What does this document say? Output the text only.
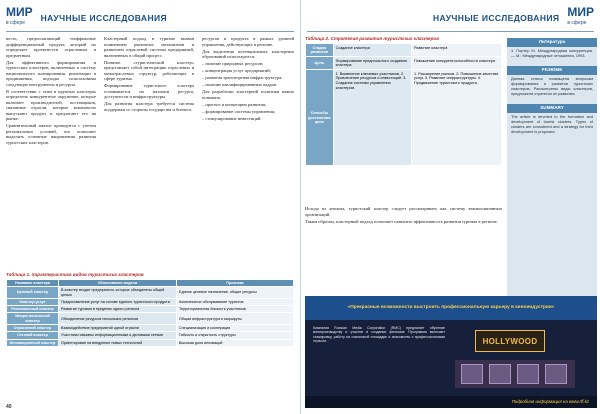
МИР
в сфере	НАУЧНЫЕ ИССЛЕДОВАНИЯ

вость, предполагающий теоффиксные дифференциальный продукт, который их определяет проектности отраслевым и предметным.

Для эффективного формирования и туристских кластеров, включенных в систему национального планирования, реализации и продвижения, подходы использованы следующие инструменты и ресурсы.

В соответствии с этим в крупных кластерах определено конкурентное окружение, которое включает производителей, поставщиков, связанные отрасли, которые комплексно выпускают продукт и предлагают его на рынке.

Сравнительный анализ проводится с учетом региональных условий, что позволяет выделить основные направления развития туристских кластеров.

Кластерный подход в туризме вызван появлением рыночных механизмов и развитием отраслевой системы предприятий, включенных в общий процесс.

Понятие «туристический кластер» представляет собой интеграцию отраслевых и межотраслевых структур, работающих в сфере туризма.

Формирование туристского кластера основывается на наличии ресурса, доступности и инфраструктуры.

Для развития кластера требуется система поддержки со стороны государства и бизнеса.

ресурсов и продукта в рамках уровней управления, действующих в регионе.

Для выделения потенциальных кластерных образований используются:

– наличие природных ресурсов;

– концентрация услуг предприятий;

– развитая транспортная инфраструктура;

– наличие квалифицированных кадров.

Для разработки кластерной политики важно понимать:

– прогноз и концепцию развития;

– формирование системы управления;

– стимулирование инвестиций.

Таблица 1. Характеристика видов туристских кластеров
Название кластера	Обоснование модели	Признаки
Целевой кластер	В кластер входят предприятия, которые объединены общей целью	Единое целевое назначение, общие ресурсы
Кластер услуг	Предоставление услуг на основе единого туристского продукта	Комплексное обслуживание туристов
Региональный кластер	Развитие туризма в пределах одного региона	Территориальная близость участников
Межрегиональный кластер	Объединение ресурсов нескольких регионов	Общая инфраструктура и маршруты
Отраслевой кластер	Взаимодействие предприятий одной отрасли	Специализация и кооперация
Сетевой кластер	Участники связаны информационными и деловыми сетями	Гибкость и открытость структуры
Инновационный кластер	Ориентирован на внедрение новых технологий	Высокая доля инноваций
40
НАУЧНЫЕ ИССЛЕДОВАНИЯ МИР
в сфере
Таблица 2. Стратегия развития туристских кластеров
Стадия развития	Создание кластера	Развитие кластера
Цель	Формирование предпосылок к созданию кластера	Повышение конкурентоспособности кластера
Способы достижения цели	1. Выявление ключевых участников. 2. Привлечение ресурсов и инвестиций. 3. Создание системы управления кластером.	1. Расширение рынков. 2. Повышение качества услуг. 3. Развитие инфраструктуры. 4. Продвижение туристского продукта.

Исходя из анализа, туристский кластер следует рассматривать как систему взаимосвязанных организаций.

Таким образом, кластерный подход позволяет повысить эффективность развития туризма в регионе.

Литература
1. Портер М. Международная конкуренция. — М.: Международные отношения, 1993.
РЕЗЮМЕ
Данная статья посвящена вопросам формирования и развития туристских кластеров. Рассмотрены виды кластеров, предложена стратегия их развития.
SUMMARY
The article is devoted to the formation and development of tourist clusters. Types of clusters are considered and a strategy for their development is proposed.
«Прекрасные возможности выстроить профессиональную карьеру в киноиндустрии»
Компания Russian Media Corporation (RMC) предлагает обучение кинопроизводству и участие в создании фильмов. Программа включает стажировку, работу на съемочной площадке и знакомство с профессионалами отрасли.	HOLLYWOOD
Подробная информация на www.rff.kz
